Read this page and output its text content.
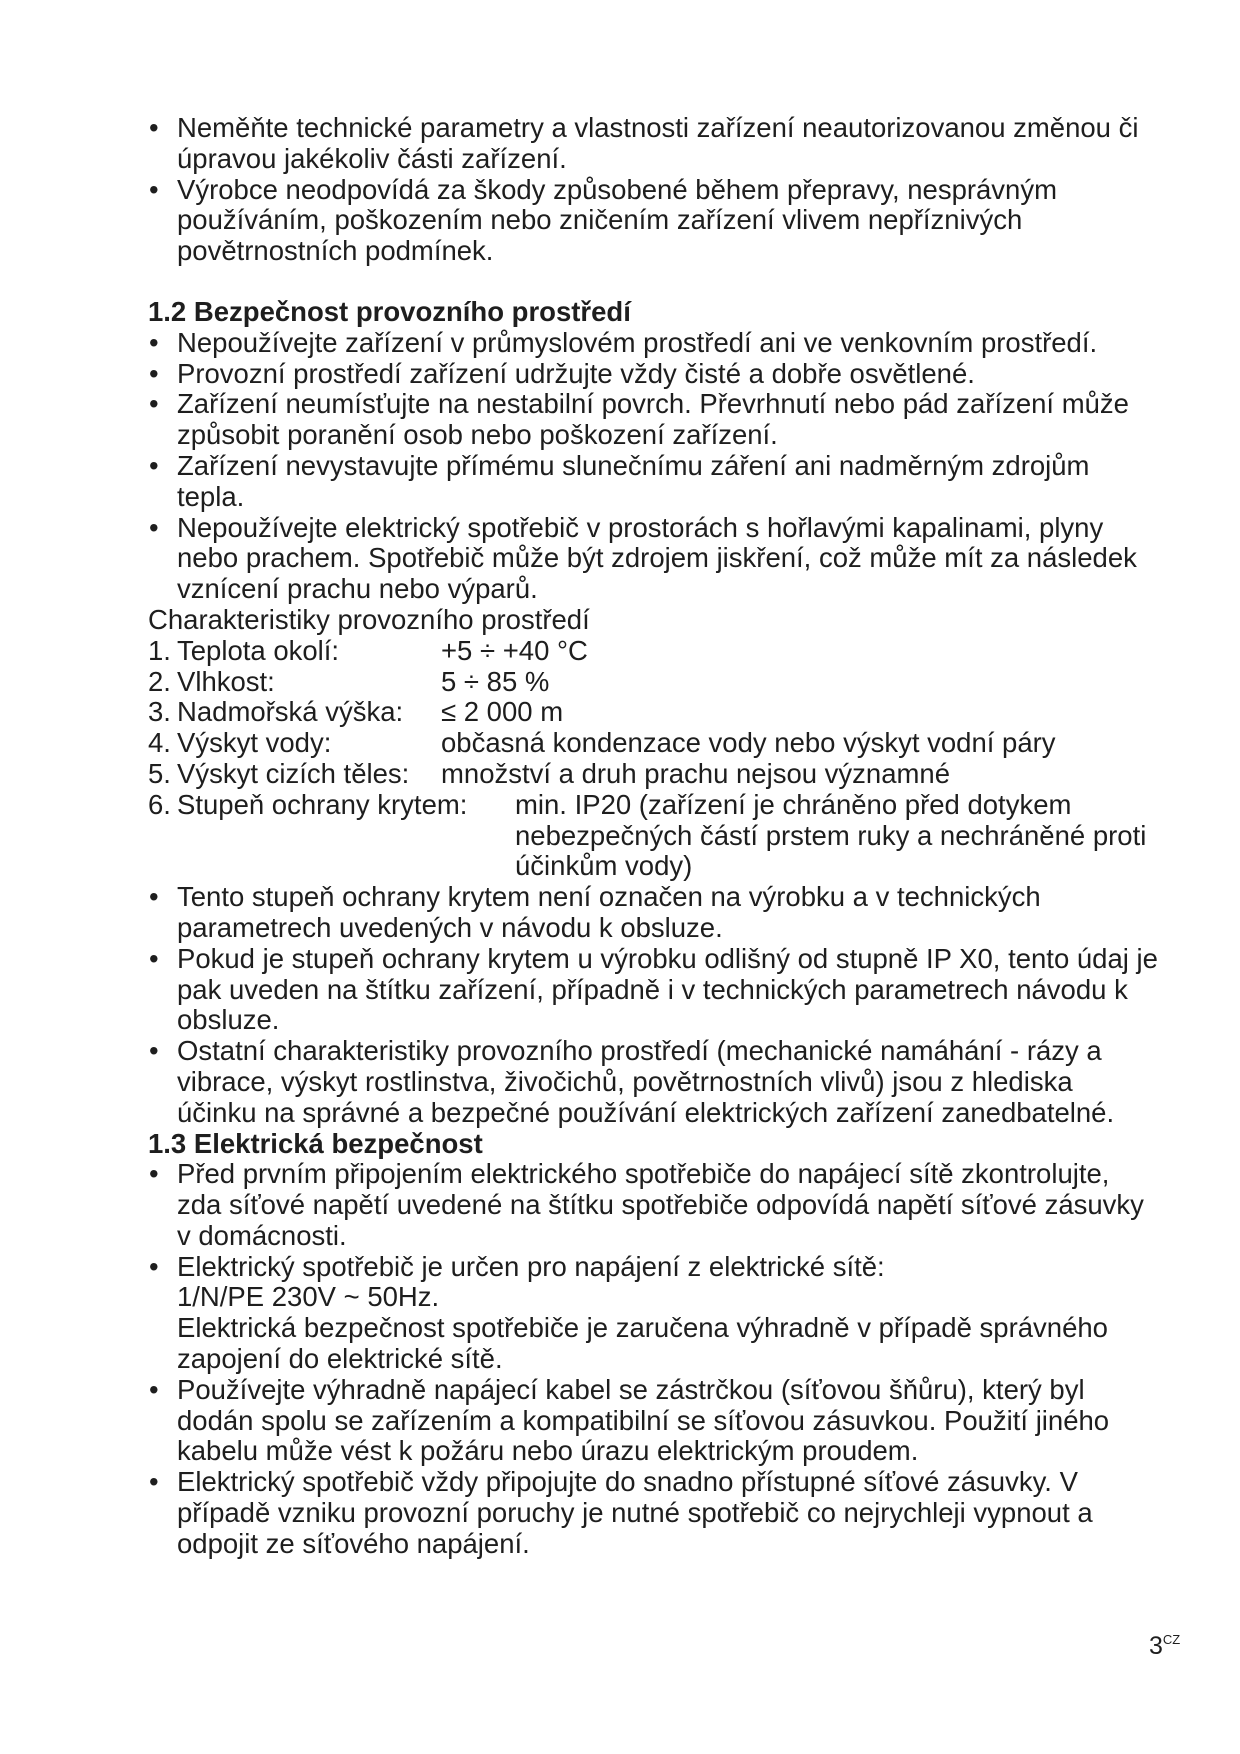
• Neměňte technické parametry a vlastnosti zařízení neautorizovanou změnou či úpravou jakékoliv části zařízení.
• Výrobce neodpovídá za škody způsobené během přepravy, nesprávným používáním, poškozením nebo zničením zařízení vlivem nepříznivých povětrnostních podmínek.
1.2 Bezpečnost provozního prostředí
• Nepoužívejte zařízení v průmyslovém prostředí ani ve venkovním prostředí.
• Provozní prostředí zařízení udržujte vždy čisté a dobře osvětlené.
• Zařízení neumísťujte na nestabilní povrch. Převrhnutí nebo pád zařízení může způsobit poranění osob nebo poškození zařízení.
• Zařízení nevystavujte přímému slunečnímu záření ani nadměrným zdrojům tepla.
• Nepoužívejte elektrický spotřebič v prostorách s hořlavými kapalinami, plyny nebo prachem. Spotřebič může být zdrojem jiskření, což může mít za následek vznícení prachu nebo výparů.
Charakteristiky provozního prostředí
1. Teplota okolí:	+5 ÷ +40 °C
2. Vlhkost:	5 ÷ 85 %
3. Nadmořská výška:	≤ 2 000 m
4. Výskyt vody:	občasná kondenzace vody nebo výskyt vodní páry
5. Výskyt cizích těles:	množství a druh prachu nejsou významné
6. Stupeň ochrany krytem:	min. IP20 (zařízení je chráněno před dotykem nebezpečných částí prstem ruky a nechráněné proti účinkům vody)
• Tento stupeň ochrany krytem není označen na výrobku a v technických parametrech uvedených v návodu k obsluze.
• Pokud je stupeň ochrany krytem u výrobku odlišný od stupně IP X0, tento údaj je pak uveden na štítku zařízení, případně i v technických parametrech návodu k obsluze.
• Ostatní charakteristiky provozního prostředí (mechanické namáhání - rázy a vibrace, výskyt rostlinstva, živočichů, povětrnostních vlivů) jsou z hlediska účinku na správné a bezpečné používání elektrických zařízení zanedbatelné.
1.3 Elektrická bezpečnost
• Před prvním připojením elektrického spotřebiče do napájecí sítě zkontrolujte, zda síťové napětí uvedené na štítku spotřebiče odpovídá napětí síťové zásuvky v domácnosti.
• Elektrický spotřebič je určen pro napájení z elektrické sítě:
1/N/PE 230V ~ 50Hz.
Elektrická bezpečnost spotřebiče je zaručena výhradně v případě správného zapojení do elektrické sítě.
• Používejte výhradně napájecí kabel se zástrčkou (síťovou šňůru), který byl dodán spolu se zařízením a kompatibilní se síťovou zásuvkou. Použití jiného kabelu může vést k požáru nebo úrazu elektrickým proudem.
• Elektrický spotřebič vždy připojujte do snadno přístupné síťové zásuvky. V případě vzniku provozní poruchy je nutné spotřebič co nejrychleji vypnout a odpojit ze síťového napájení.
$3^{CZ}$
